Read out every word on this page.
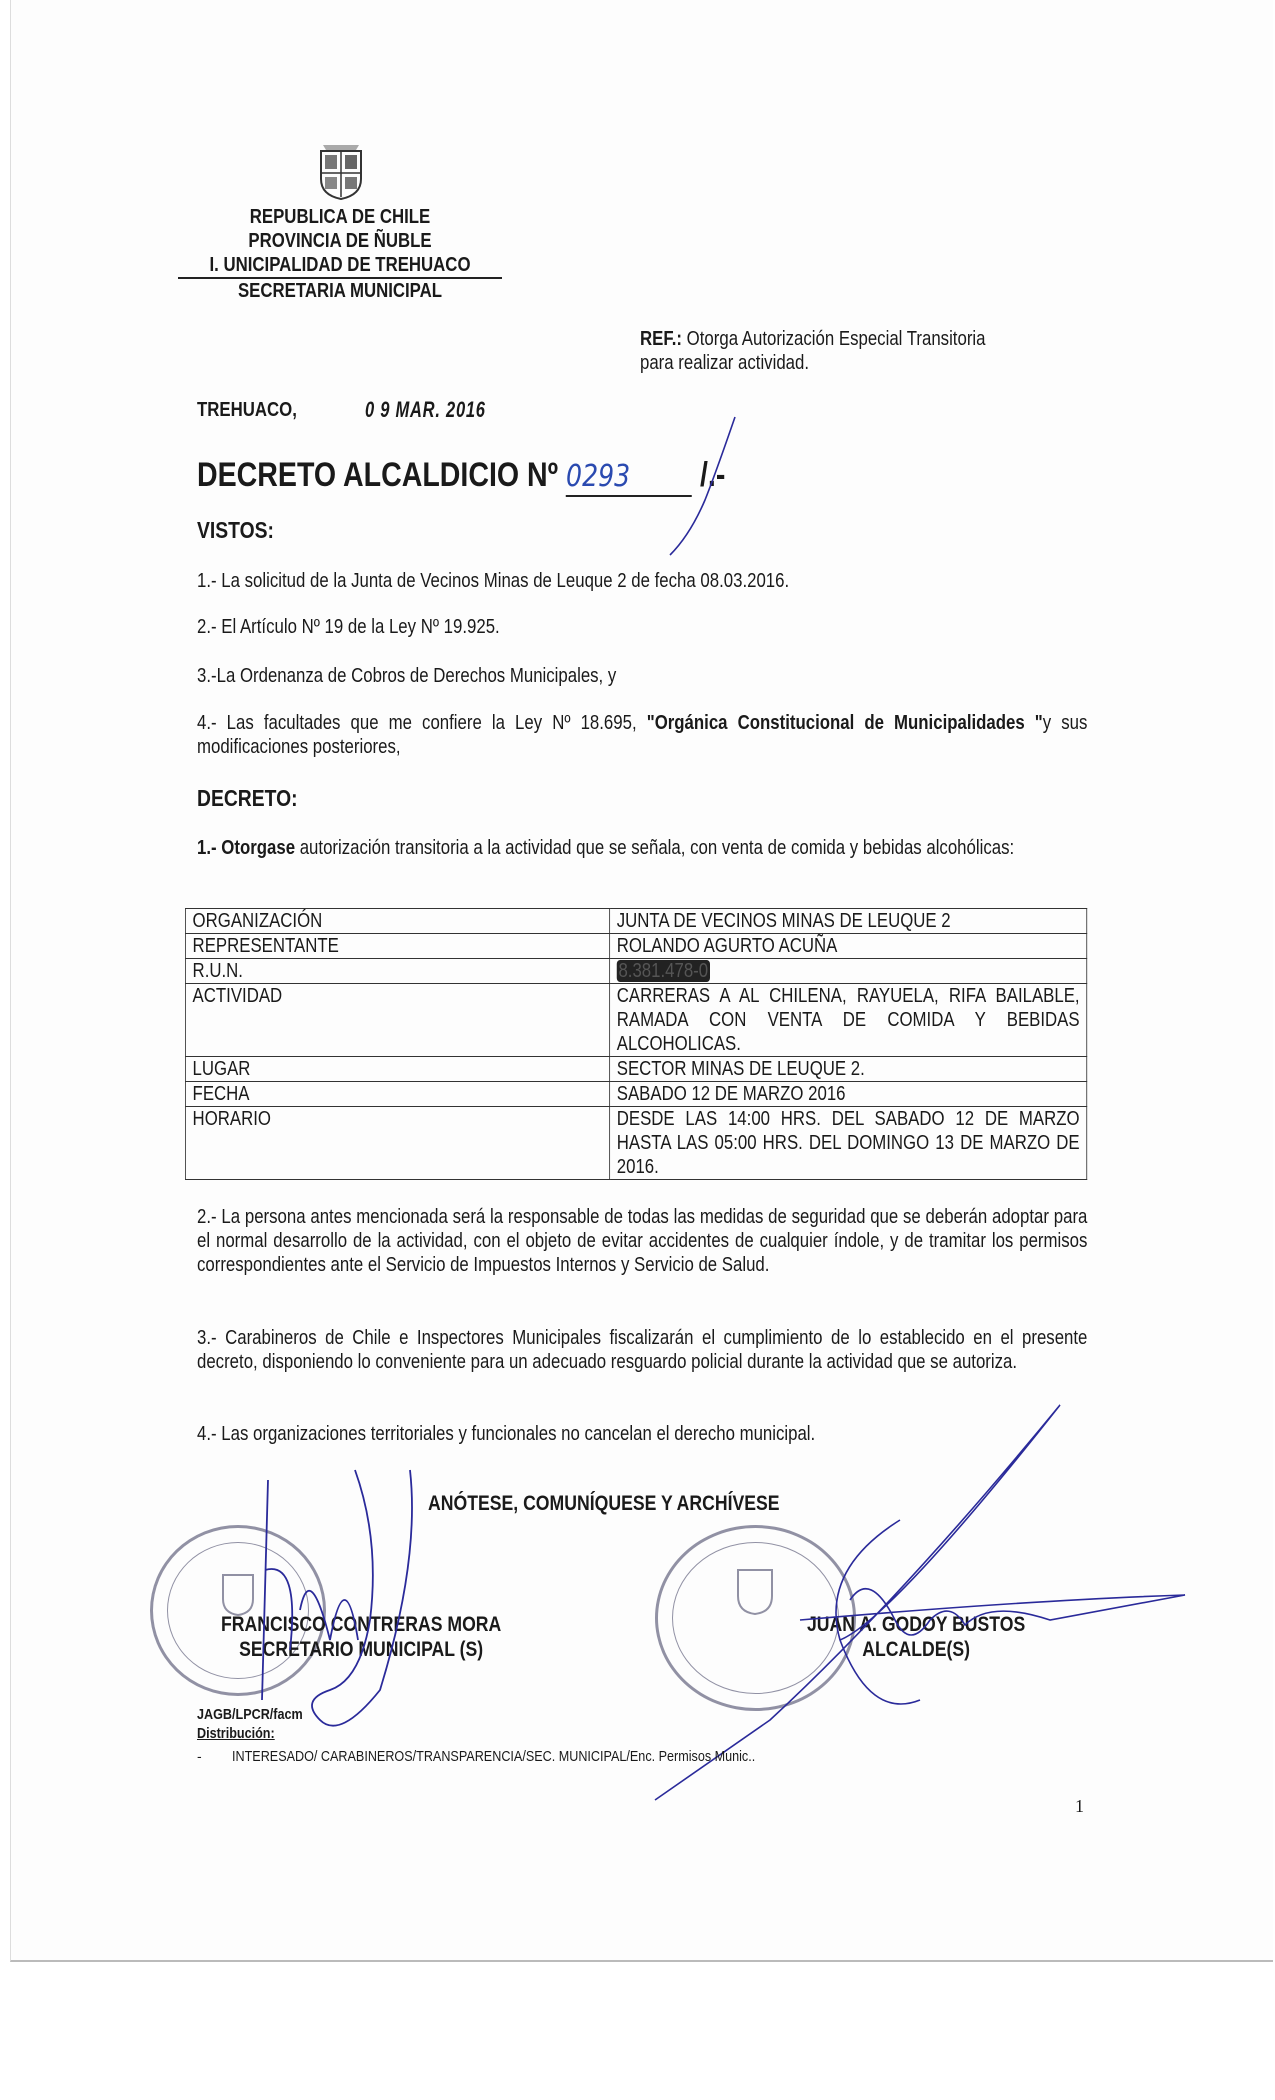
REPUBLICA DE CHILE
PROVINCIA DE ÑUBLE
I. UNICIPALIDAD DE TREHUACO
SECRETARIA MUNICIPAL
REF.: Otorga Autorización Especial Transitoria
para realizar actividad.
TREHUACO,	0 9 MAR. 2016
DECRETO ALCALDICIO Nº 0293 /.-
VISTOS:
1.- La solicitud de la Junta de Vecinos Minas de Leuque 2 de fecha 08.03.2016.
2.- El Artículo Nº 19 de la Ley Nº 19.925.
3.-La Ordenanza de Cobros de Derechos Municipales, y
4.- Las facultades que me confiere la Ley Nº 18.695, "Orgánica Constitucional de Municipalidades "y sus modificaciones posteriores,
DECRETO:
1.- Otorgase autorización transitoria a la actividad que se señala, con venta de comida y bebidas alcohólicas:
ORGANIZACIÓN	JUNTA DE VECINOS MINAS DE LEUQUE 2
REPRESENTANTE	ROLANDO AGURTO ACUÑA
R.U.N.	8.381.478-0
ACTIVIDAD	CARRERAS A AL CHILENA, RAYUELA, RIFA BAILABLE, RAMADA CON VENTA DE COMIDA Y BEBIDAS ALCOHOLICAS.
LUGAR	SECTOR MINAS DE LEUQUE 2.
FECHA	SABADO 12 DE MARZO 2016
HORARIO	DESDE LAS 14:00 HRS. DEL SABADO 12 DE MARZO HASTA LAS 05:00 HRS. DEL DOMINGO 13 DE MARZO DE 2016.
2.- La persona antes mencionada será la responsable de todas las medidas de seguridad que se deberán adoptar para el normal desarrollo de la actividad, con el objeto de evitar accidentes de cualquier índole, y de tramitar los permisos correspondientes ante el Servicio de Impuestos Internos y Servicio de Salud.
3.- Carabineros de Chile e Inspectores Municipales fiscalizarán el cumplimiento de lo establecido en el presente decreto, disponiendo lo conveniente para un adecuado resguardo policial durante la actividad que se autoriza.
4.- Las organizaciones territoriales y funcionales no cancelan el derecho municipal.
ANÓTESE, COMUNÍQUESE Y ARCHÍVESE
FRANCISCO CONTRERAS MORA
SECRETARIO MUNICIPAL (S)
JUAN A. GODOY BUSTOS
ALCALDE(S)
JAGB/LPCR/facm
Distribución:
- INTERESADO/ CARABINEROS/TRANSPARENCIA/SEC. MUNICIPAL/Enc. Permisos Munic..
1
